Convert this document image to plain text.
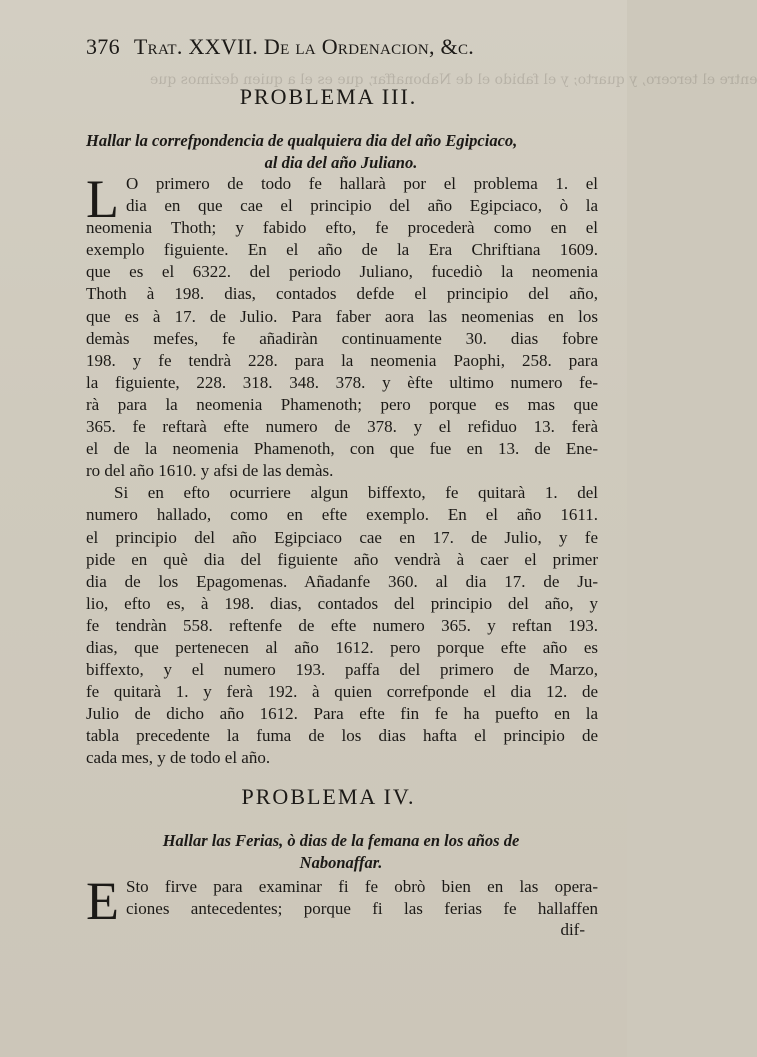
entre el tercero, y quarto; y el fabido el de Nabonaffar, que es el a quien dezimos que
376 Trat. XXVII. De la Ordenacion, &c.
PROBLEMA III.
Hallar la correfpondencia de qualquiera dia del año Egipciaco,
al dia del año Juliano.
L O primero de todo fe hallarà por el problema 1. el
dia en que cae el principio del año Egipciaco, ò la
neomenia Thoth; y fabido efto, fe procederà como en el
exemplo figuiente. En el año de la Era Chriftiana 1609.
que es el 6322. del periodo Juliano, fucediò la neomenia
Thoth à 198. dias, contados defde el principio del año,
que es à 17. de Julio. Para faber aora las neomenias en los
demàs mefes, fe añadiràn continuamente 30. dias fobre
198. y fe tendrà 228. para la neomenia Paophi, 258. para
la figuiente, 228. 318. 348. 378. y èfte ultimo numero fe-
rà para la neomenia Phamenoth; pero porque es mas que
365. fe reftarà efte numero de 378. y el refiduo 13. ferà
el de la neomenia Phamenoth, con que fue en 13. de Ene-
ro del año 1610. y afsi de las demàs.
Si en efto ocurriere algun biffexto, fe quitarà 1. del
numero hallado, como en efte exemplo. En el año 1611.
el principio del año Egipciaco cae en 17. de Julio, y fe
pide en què dia del figuiente año vendrà à caer el primer
dia de los Epagomenas. Añadanfe 360. al dia 17. de Ju-
lio, efto es, à 198. dias, contados del principio del año, y
fe tendràn 558. reftenfe de efte numero 365. y reftan 193.
dias, que pertenecen al año 1612. pero porque efte año es
biffexto, y el numero 193. paffa del primero de Marzo,
fe quitarà 1. y ferà 192. à quien correfponde el dia 12. de
Julio de dicho año 1612. Para efte fin fe ha puefto en la
tabla precedente la fuma de los dias hafta el principio de
cada mes, y de todo el año.
PROBLEMA IV.
Hallar las Ferias, ò dias de la femana en los años de
Nabonaffar.
E Sto firve para examinar fi fe obrò bien en las opera-
ciones antecedentes; porque fi las ferias fe hallaffen
dif-
